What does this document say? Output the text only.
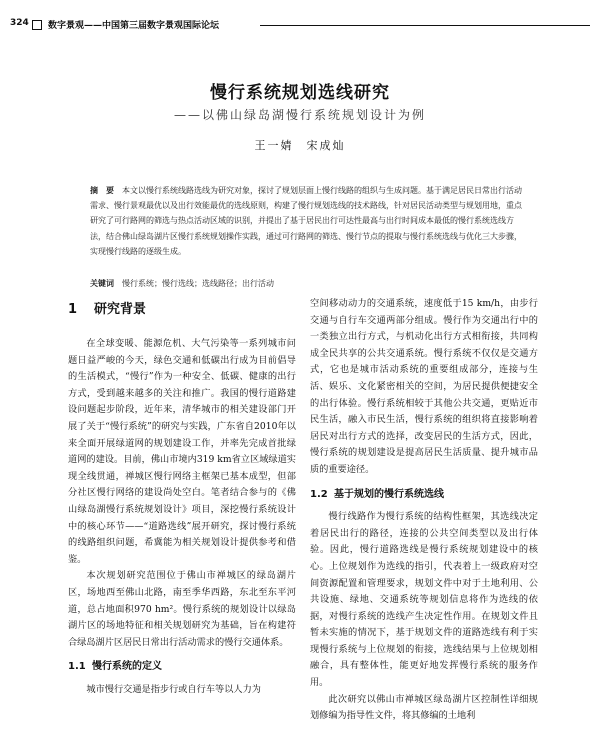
324 数字景观——中国第三届数字景观国际论坛
慢行系统规划选线研究
——以佛山绿岛湖慢行系统规划设计为例
王一婧　宋成灿
摘　要　 本文以慢行系统线路选线为研究对象，探讨了规划层面上慢行线路的组织与生成问题。基于满足居民日常出行活动需求、慢行景观最优以及出行效能最优的选线原则，构建了慢行规划选线的技术路线，针对居民活动类型与规划用地，重点研究了可行路网的筛选与热点活动区域的识别，并提出了基于居民出行可达性最高与出行时间成本最低的慢行系统选线方法，结合佛山绿岛湖片区慢行系统规划操作实践，通过可行路网的筛选、慢行节点的提取与慢行系统选线与优化三大步骤，实现慢行线路的逐级生成。
关键词　 慢行系统；慢行选线；选线路径；出行活动
1 研究背景

在全球变暖、能源危机、大气污染等一系列城市问题日益严峻的今天，绿色交通和低碳出行成为目前倡导的生活模式，“慢行”作为一种安全、低碳、健康的出行方式，受到越来越多的关注和推广。我国的慢行道路建设问题起步阶段，近年来，清华城市的相关建设部门开展了关于“慢行系统”的研究与实践，广东省自2010年以来全面开展绿道网的规划建设工作，并率先完成首批绿道网的建设。目前，佛山市境内319 km省立区域绿道实现全线贯通，禅城区慢行网络主框架已基本成型，但部分社区慢行网络的建设尚处空白。笔者结合参与的《佛山绿岛湖慢行系统规划设计》项目，深挖慢行系统设计中的核心环节——“道路选线”展开研究，探讨慢行系统的线路组织问题，希冀能为相关规划设计提供参考和借鉴。

本次规划研究范围位于佛山市禅城区的绿岛湖片区，场地西至佛山北路，南至季华西路，东北至东平河道，总占地面积970 hm²。慢行系统的规划设计以绿岛湖片区的场地特征和相关规划研究为基础，旨在构建符合绿岛湖片区居民日常出行活动需求的慢行交通体系。

1.1 慢行系统的定义

城市慢行交通是指步行或自行车等以人力为

空间移动动力的交通系统，速度低于15 km/h，由步行交通与自行车交通两部分组成。慢行作为交通出行中的一类独立出行方式，与机动化出行方式相衔接，共同构成全民共享的公共交通系统。慢行系统不仅仅是交通方式，它也是城市活动系统的重要组成部分，连接与生活、娱乐、文化紧密相关的空间，为居民提供便捷安全的出行体验。慢行系统相较于其他公共交通，更贴近市民生活，融入市民生活，慢行系统的组织将直接影响着居民对出行方式的选择，改变居民的生活方式，因此，慢行系统的规划建设是提高居民生活质量、提升城市品质的重要途径。

1.2 基于规划的慢行系统选线

慢行线路作为慢行系统的结构性框架，其选线决定着居民出行的路径，连接的公共空间类型以及出行体验。因此，慢行道路选线是慢行系统规划建设中的核心。上位规划作为选线的指引，代表着上一级政府对空间资源配置和管理要求，规划文件中对于土地利用、公共设施、绿地、交通系统等规划信息将作为选线的依据，对慢行系统的选线产生决定性作用。在规划文件且暂未实施的情况下，基于规划文件的道路选线有利于实现慢行系统与上位规划的衔接，选线结果与上位规划相融合，具有整体性，能更好地发挥慢行系统的服务作用。

此次研究以佛山市禅城区绿岛湖片区控制性详细规划修编为指导性文件，将其修编的土地利
